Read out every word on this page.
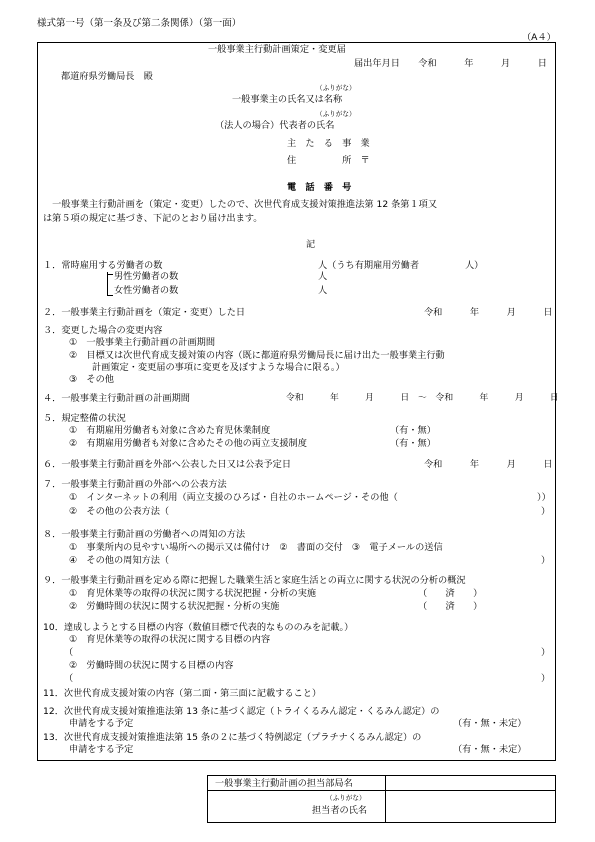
様式第一号（第一条及び第二条関係）（第一面）
（A４）
一般事業主行動計画策定・変更届
届出年月日　　令和　　　年　　　月　　　日
都道府県労働局長　殿
（ふりがな）
一般事業主の氏名又は名称
（ふりがな）
（法人の場合）代表者の氏名
主　た　る　事　業
住　　　　　所　〒
電　話　番　号
　一般事業主行動計画を（策定・変更）したので、次世代育成支援対策推進法第 12 条第１項又
は第５項の規定に基づき、下記のとおり届け出ます。
記
１．常時雇用する労働者の数	人（うち有期雇用労働者　　　　　人）
男性労働者の数	人
女性労働者の数	人
２．一般事業主行動計画を（策定・変更）した日	令和　　　年　　　月　　　日
３．変更した場合の変更内容
①　一般事業主行動計画の計画期間
②　目標又は次世代育成支援対策の内容（既に都道府県労働局長に届け出た一般事業主行動
計画策定・変更届の事項に変更を及ぼすような場合に限る。）
③　その他
４．一般事業主行動計画の計画期間	令和　　　年　　　月　　　日　～　令和　　　年　　　月　　　日
５．規定整備の状況
①　有期雇用労働者も対象に含めた育児休業制度	（有・無）
②　有期雇用労働者も対象に含めたその他の両立支援制度	（有・無）
６．一般事業主行動計画を外部へ公表した日又は公表予定日	令和　　　年　　　月　　　日
７．一般事業主行動計画の外部への公表方法
①　インターネットの利用（両立支援のひろば・自社のホームページ・その他（	））
②　その他の公表方法（	）
８．一般事業主行動計画の労働者への周知の方法
①　事業所内の見やすい場所への掲示又は備付け　②　書面の交付　③　電子メールの送信
④　その他の周知方法（	）
９．一般事業主行動計画を定める際に把握した職業生活と家庭生活との両立に関する状況の分析の概況
①　育児休業等の取得の状況に関する状況把握・分析の実施	（　　済　　）
②　労働時間の状況に関する状況把握・分析の実施	（　　済　　）
10．達成しようとする目標の内容（数値目標で代表的なもののみを記載。）
①　育児休業等の取得の状況に関する目標の内容
（	）
②　労働時間の状況に関する目標の内容
（	）
11．次世代育成支援対策の内容（第二面・第三面に記載すること）
12．次世代育成支援対策推進法第 13 条に基づく認定（トライくるみん認定・くるみん認定）の
申請をする予定	（有・無・未定）
13．次世代育成支援対策推進法第 15 条の２に基づく特例認定（プラチナくるみん認定）の
申請をする予定	（有・無・未定）
一般事業主行動計画の担当部局名
（ふりがな）
担当者の氏名
